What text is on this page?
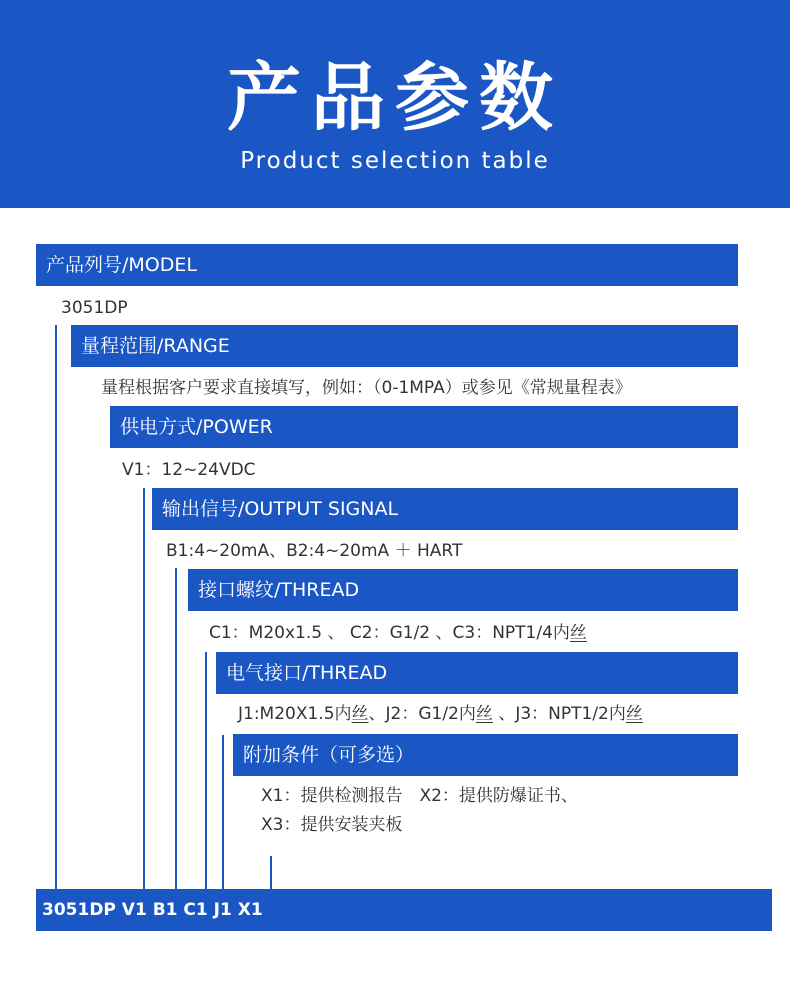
产品参数
Product selection table
产品列号/MODEL
3051DP
量程范围/RANGE
量程根据客户要求直接填写，例如：（0-1MPA）或参见《常规量程表》
供电方式/POWER
V1：12~24VDC
输出信号/OUTPUT SIGNAL
B1:4~20mA、B2:4~20mA ＋ HART
接口螺纹/THREAD
C1：M20x1.5 、 C2：G1/2 、C3：NPT1/4内丝
电气接口/THREAD
J1:M20X1.5内丝、J2：G1/2内丝 、J3：NPT1/2内丝
附加条件（可多选）
X1：提供检测报告　X2：提供防爆证书、
X3：提供安装夹板
3051DP V1 B1 C1 J1 X1
